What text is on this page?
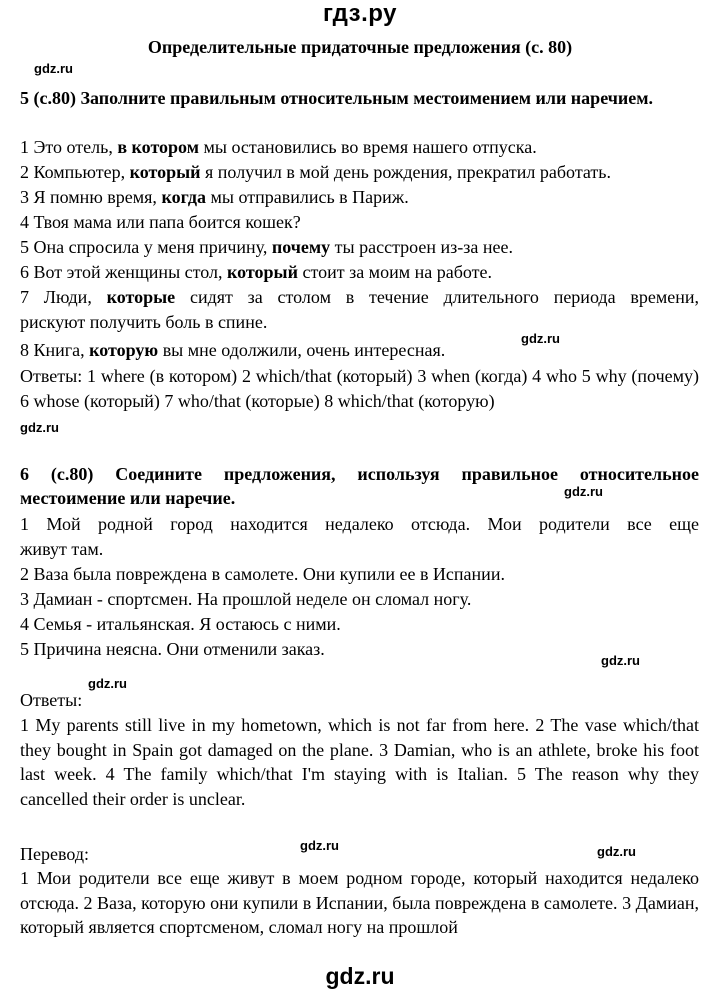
гдз.ру
Определительные придаточные предложения (с. 80)
gdz.ru
5 (с.80) Заполните правильным относительным местоимением или наречием.
1 Это отель, в котором мы остановились во время нашего отпуска.
2 Компьютер, который я получил в мой день рождения, прекратил работать.
3 Я помню время, когда мы отправились в Париж.
4 Твоя мама или папа боится кошек?
5 Она спросила у меня причину, почему ты расстроен из-за нее.
6 Вот этой женщины стол, который стоит за моим на работе.
7 Люди, которые сидят за столом в течение длительного периода времени,
рискуют получить боль в спине.
8 Книга, которую вы мне одолжили, очень интересная.
gdz.ru
Ответы: 1 where (в котором) 2 which/that (который) 3 when (когда) 4 who 5 why (почему) 6 whose (который) 7 who/that (которые) 8 which/that (которую)
gdz.ru
6 (с.80) Соедините предложения, используя правильное относительное местоимение или наречие.	gdz.ru
1 Мой родной город находится недалеко отсюда. Мои родители все еще
живут там.
2 Ваза была повреждена в самолете. Они купили ее в Испании.
3 Дамиан - спортсмен. На прошлой неделе он сломал ногу.
4 Семья - итальянская. Я остаюсь с ними.
5 Причина неясна. Они отменили заказ.
gdz.ru
gdz.ru
Ответы:
1 My parents still live in my hometown, which is not far from here. 2 The vase which/that they bought in Spain got damaged on the plane. 3 Damian, who is an athlete, broke his foot last week. 4 The family which/that I'm staying with is Italian. 5 The reason why they cancelled their order is unclear.
Перевод:	gdz.ru	gdz.ru
1 Мои родители все еще живут в моем родном городе, который находится недалеко отсюда. 2 Ваза, которую они купили в Испании, была повреждена в самолете. 3 Дамиан, который является спортсменом, сломал ногу на прошлой
gdz.ru
